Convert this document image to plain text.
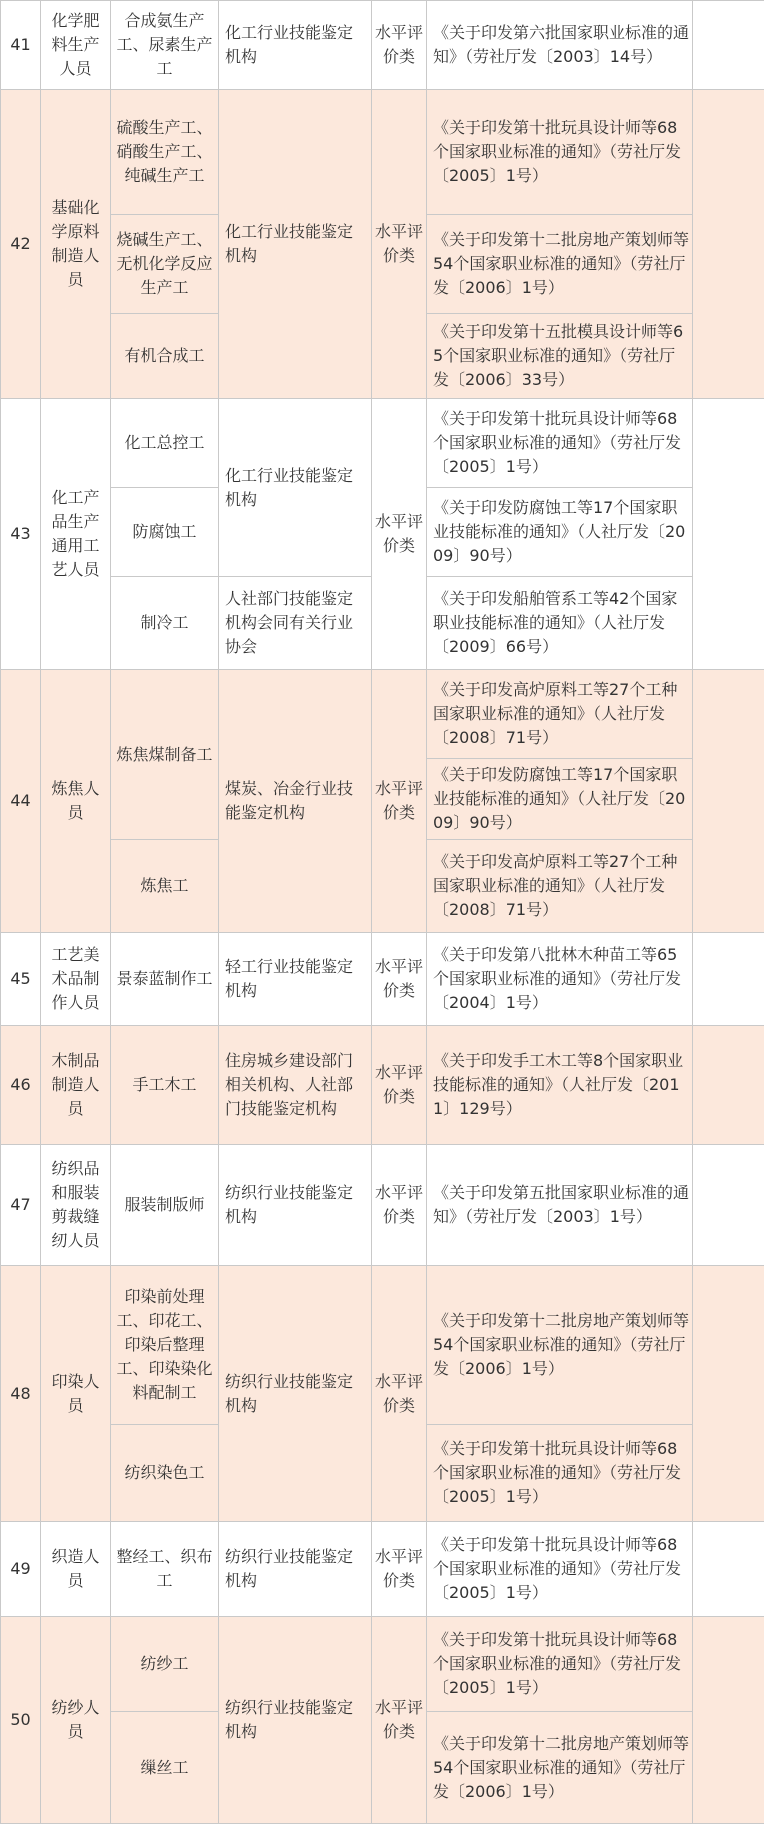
41	化学肥料生产人员	合成氨生产工、尿素生产工	化工行业技能鉴定机构	水平评价类	《关于印发第六批国家职业标准的通知》（劳社厅发〔2003〕14号）	
42	基础化学原料制造人员	硫酸生产工、硝酸生产工、纯碱生产工	化工行业技能鉴定机构	水平评价类	《关于印发第十批玩具设计师等68个国家职业标准的通知》（劳社厅发〔2005〕1号）	
		烧碱生产工、无机化学反应生产工			《关于印发第十二批房地产策划师等54个国家职业标准的通知》（劳社厅发〔2006〕1号）	
		有机合成工			《关于印发第十五批模具设计师等65个国家职业标准的通知》（劳社厅发〔2006〕33号）	
43	化工产品生产通用工艺人员	化工总控工	化工行业技能鉴定机构	水平评价类	《关于印发第十批玩具设计师等68个国家职业标准的通知》（劳社厅发〔2005〕1号）	
		防腐蚀工			《关于印发防腐蚀工等17个国家职业技能标准的通知》（人社厅发〔2009〕90号）	
		制冷工	人社部门技能鉴定机构会同有关行业协会		《关于印发船舶管系工等42个国家职业技能标准的通知》（人社厅发〔2009〕66号）	
44	炼焦人员	炼焦煤制备工	煤炭、冶金行业技能鉴定机构	水平评价类	《关于印发高炉原料工等27个工种国家职业标准的通知》（人社厅发〔2008〕71号）	
					《关于印发防腐蚀工等17个国家职业技能标准的通知》（人社厅发〔2009〕90号）	
		炼焦工			《关于印发高炉原料工等27个工种国家职业标准的通知》（人社厅发〔2008〕71号）	
45	工艺美术品制作人员	景泰蓝制作工	轻工行业技能鉴定机构	水平评价类	《关于印发第八批林木种苗工等65个国家职业标准的通知》（劳社厅发〔2004〕1号）	
46	木制品制造人员	手工木工	住房城乡建设部门相关机构、人社部门技能鉴定机构	水平评价类	《关于印发手工木工等8个国家职业技能标准的通知》（人社厅发〔2011〕129号）	
47	纺织品和服装剪裁缝纫人员	服装制版师	纺织行业技能鉴定机构	水平评价类	《关于印发第五批国家职业标准的通知》（劳社厅发〔2003〕1号）	
48	印染人员	印染前处理工、印花工、印染后整理工、印染染化料配制工	纺织行业技能鉴定机构	水平评价类	《关于印发第十二批房地产策划师等54个国家职业标准的通知》（劳社厅发〔2006〕1号）	
		纺织染色工			《关于印发第十批玩具设计师等68个国家职业标准的通知》（劳社厅发〔2005〕1号）	
49	织造人员	整经工、织布工	纺织行业技能鉴定机构	水平评价类	《关于印发第十批玩具设计师等68个国家职业标准的通知》（劳社厅发〔2005〕1号）	
50	纺纱人员	纺纱工	纺织行业技能鉴定机构	水平评价类	《关于印发第十批玩具设计师等68个国家职业标准的通知》（劳社厅发〔2005〕1号）	
		缫丝工			《关于印发第十二批房地产策划师等54个国家职业标准的通知》（劳社厅发〔2006〕1号）	
